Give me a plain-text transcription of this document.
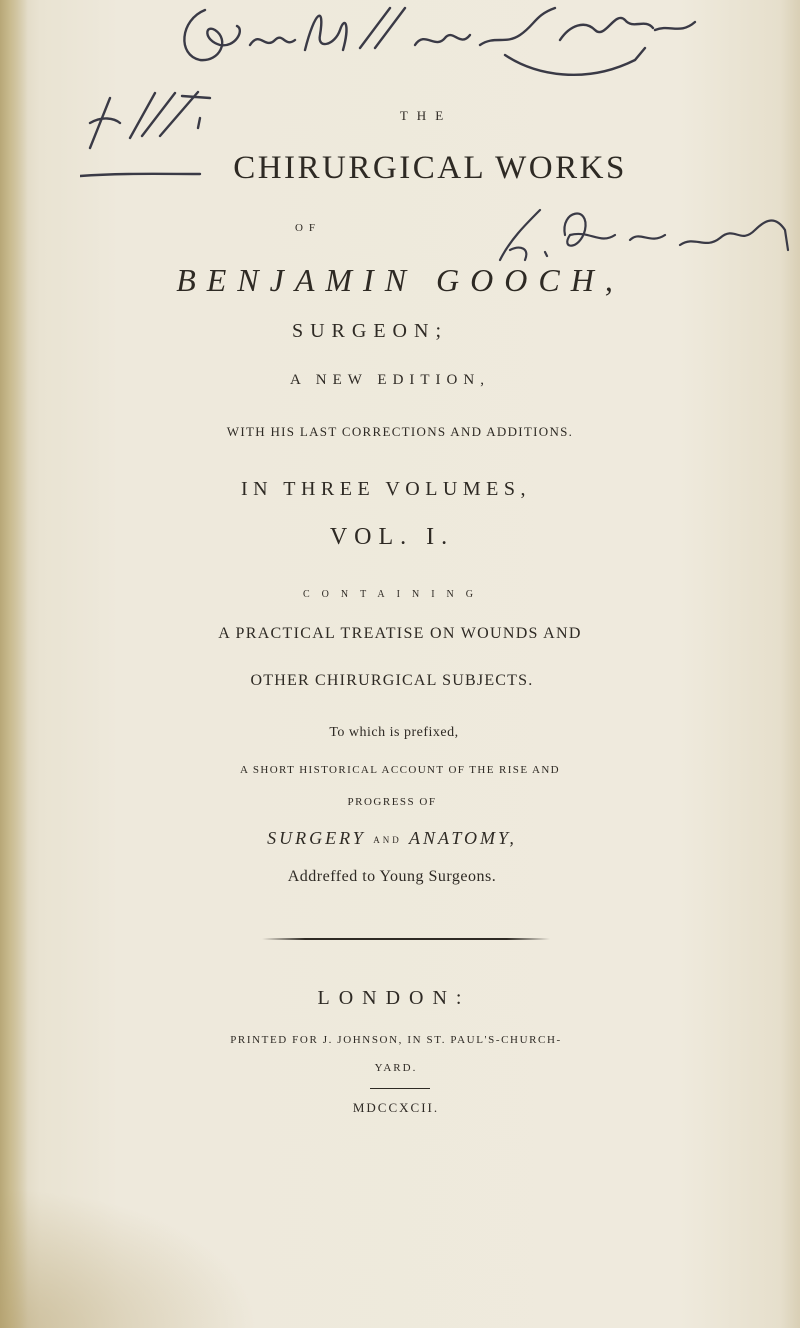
THE
CHIRURGICAL WORKS
OF
BENJAMIN GOOCH,
SURGEON;
A NEW EDITION,
WITH HIS LAST CORRECTIONS AND ADDITIONS.
IN THREE VOLUMES,
VOL. I.
CONTAINING
A PRACTICAL TREATISE ON WOUNDS AND
OTHER CHIRURGICAL SUBJECTS.
To which is prefixed,
A SHORT HISTORICAL ACCOUNT OF THE RISE AND
PROGRESS OF
SURGERY AND ANATOMY,
Addreffed to Young Surgeons.
LONDON:
PRINTED FOR J. JOHNSON, IN ST. PAUL'S-CHURCH-
YARD.
MDCCXCII.
